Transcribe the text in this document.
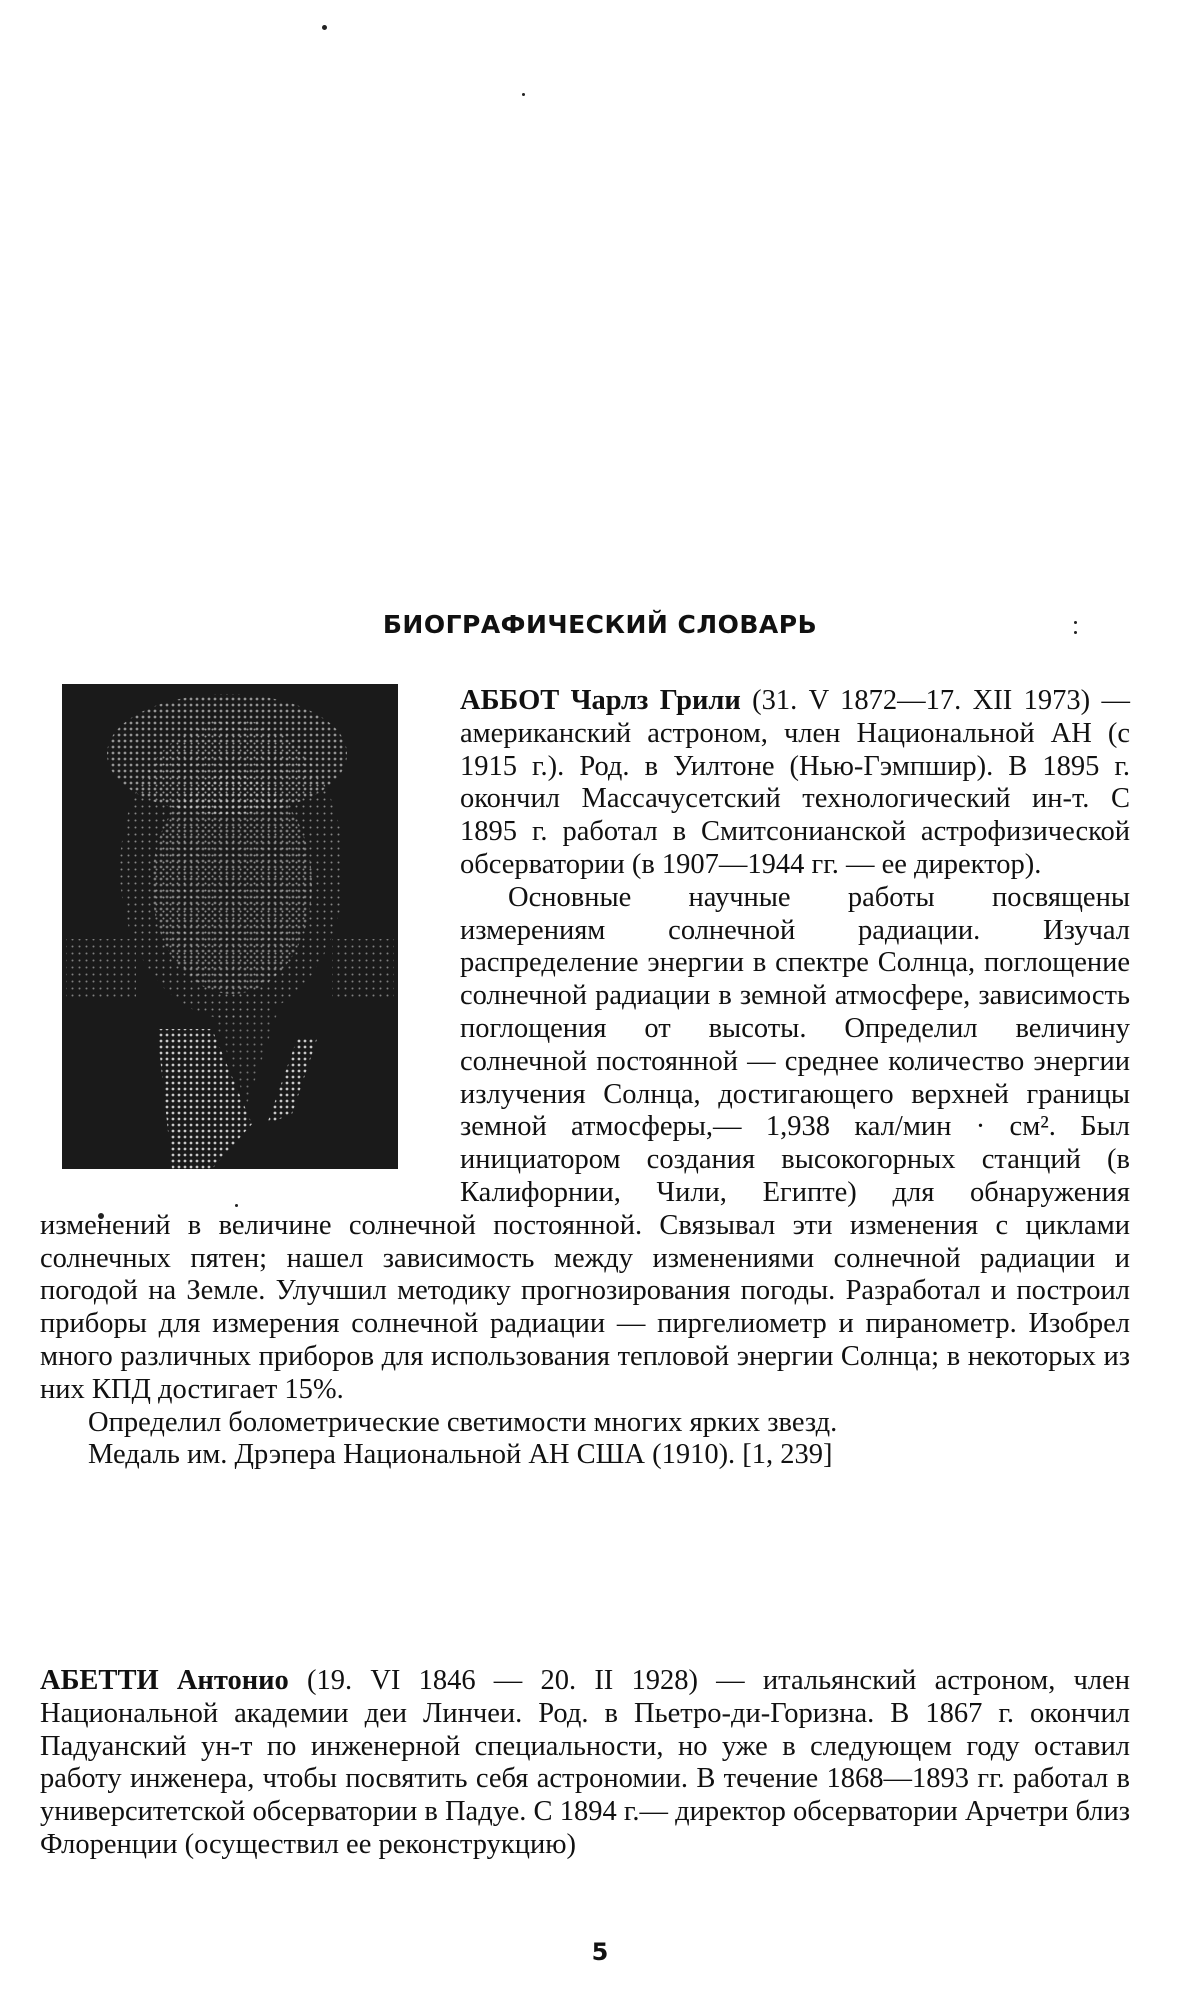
БИОГРАФИЧЕСКИЙ СЛОВАРЬ

АББОТ Чарлз Грили (31. V 1872—17. XII 1973) — американский астроном, член Национальной АН (с 1915 г.). Род. в Уилтоне (Нью-Гэмпшир). В 1895 г. окончил Массачусетский технологический ин-т. С 1895 г. работал в Смитсонианской астрофизической обсерватории (в 1907—1944 гг. — ее директор).

Основные научные работы посвящены измерениям солнечной радиации. Изучал распределение энергии в спектре Солнца, поглощение солнечной радиации в земной атмосфере, зависимость поглощения от высоты. Определил величину солнечной постоянной — среднее количество энергии излучения Солнца, достигающего верхней границы земной атмосферы,— 1,938 кал/мин · см². Был инициатором создания высокогорных станций (в Калифорнии, Чили, Египте) для обнаружения изменений в величине солнечной постоянной. Связывал эти изменения с циклами солнечных пятен; нашел зависимость между изменениями солнечной радиации и погодой на Земле. Улучшил методику прогнозирования погоды. Разработал и построил приборы для измерения солнечной радиации — пиргелиометр и пиранометр. Изобрел много различных приборов для использования тепловой энергии Солнца; в некоторых из них КПД достигает 15%.

Определил болометрические светимости многих ярких звезд.

Медаль им. Дрэпера Национальной АН США (1910). [1, 239]

АБЕТТИ Антонио (19. VI 1846 — 20. II 1928) — итальянский астроном, член Национальной академии деи Линчеи. Род. в Пьетро-ди-Горизна. В 1867 г. окончил Падуанский ун-т по инженерной специальности, но уже в следующем году оставил работу инженера, чтобы посвятить себя астрономии. В течение 1868—1893 гг. работал в университетской обсерватории в Падуе. С 1894 г.— директор обсерватории Арчетри близ Флоренции (осуществил ее реконструкцию)

5
